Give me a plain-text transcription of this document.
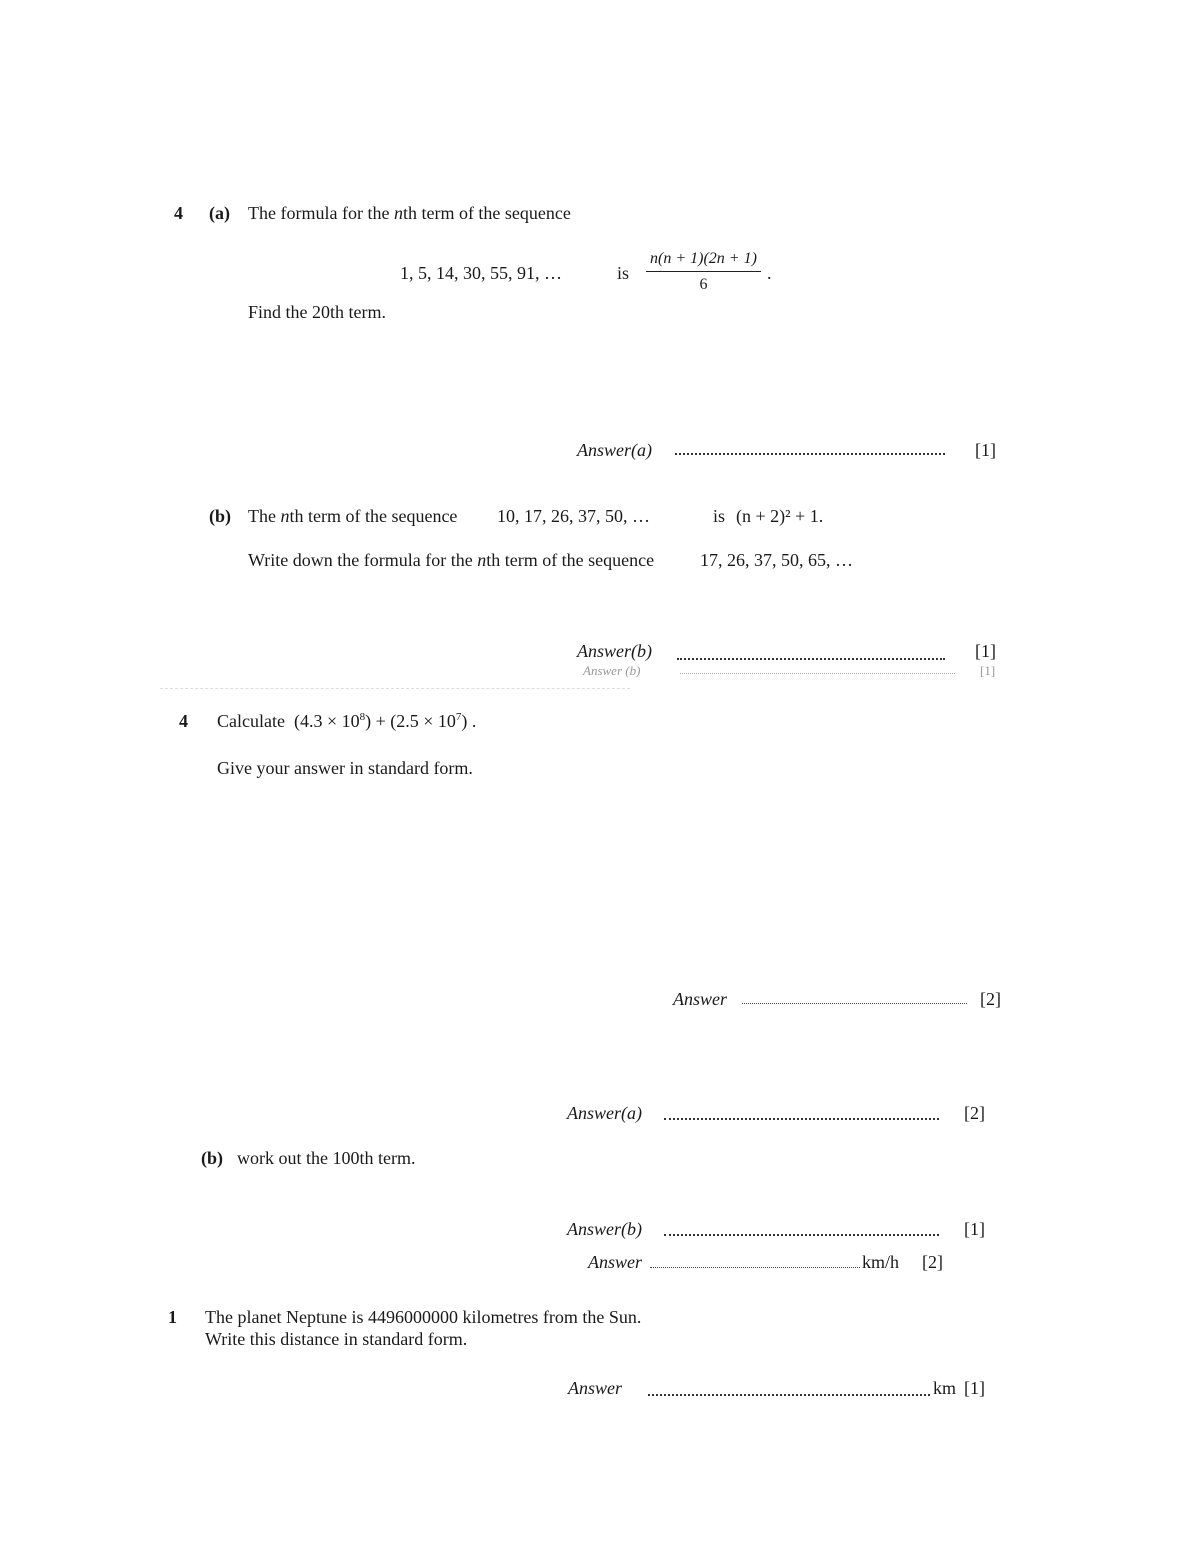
4 (a) The formula for the nth term of the sequence
1, 5, 14, 30, 55, 91, …	is
n(n + 1)(2n + 1)
6
.
Find the 20th term.
Answer(a)	[1]
(b) The nth term of the sequence 10, 17, 26, 37, 50, …	is (n + 2)² + 1.
Write down the formula for the nth term of the sequence	17, 26, 37, 50, 65, …
Answer(b)	[1]
Answer (b)	[1]
4 Calculate $(4.3 \times 10^8) + (2.5 \times 10^7)$ .
Give your answer in standard form.
Answer	[2]
Answer(a)	[2]
(b) work out the 100th term.
Answer(b)	[1]
Answer	km/h [2]
1 The planet Neptune is 4496000000 kilometres from the Sun.
Write this distance in standard form.
Answer	km [1]
